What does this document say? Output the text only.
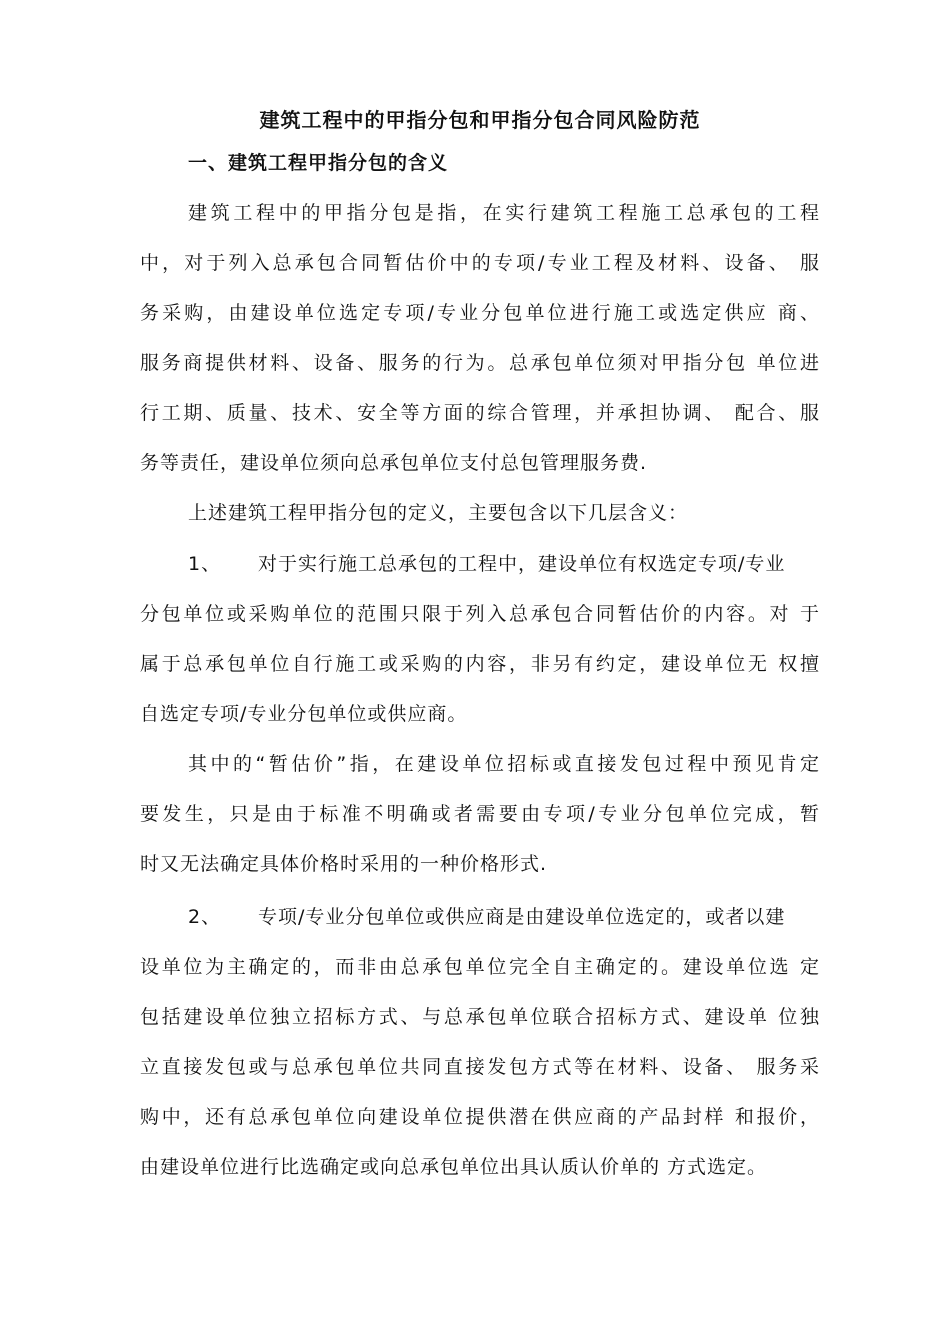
建筑工程中的甲指分包和甲指分包合同风险防范
一、建筑工程甲指分包的含义
建筑工程中的甲指分包是指，在实行建筑工程施工总承包的工程
中，对于列入总承包合同暂估价中的专项/专业工程及材料、设备、 服
务采购，由建设单位选定专项/专业分包单位进行施工或选定供应 商、
服务商提供材料、设备、服务的行为。总承包单位须对甲指分包 单位进
行工期、质量、技术、安全等方面的综合管理，并承担协调、 配合、服
务等责任，建设单位须向总承包单位支付总包管理服务费.
上述建筑工程甲指分包的定义，主要包含以下几层含义：
1、 对于实行施工总承包的工程中，建设单位有权选定专项/专业
分包单位或采购单位的范围只限于列入总承包合同暂估价的内容。对 于
属于总承包单位自行施工或采购的内容，非另有约定，建设单位无 权擅
自选定专项/专业分包单位或供应商。
其中的“暂估价”指，在建设单位招标或直接发包过程中预见肯定
要发生，只是由于标准不明确或者需要由专项/专业分包单位完成，暂
时又无法确定具体价格时采用的一种价格形式.
2、 专项/专业分包单位或供应商是由建设单位选定的，或者以建
设单位为主确定的，而非由总承包单位完全自主确定的。建设单位选 定
包括建设单位独立招标方式、与总承包单位联合招标方式、建设单 位独
立直接发包或与总承包单位共同直接发包方式等在材料、设备、 服务采
购中，还有总承包单位向建设单位提供潜在供应商的产品封样 和报价，
由建设单位进行比选确定或向总承包单位出具认质认价单的 方式选定。
